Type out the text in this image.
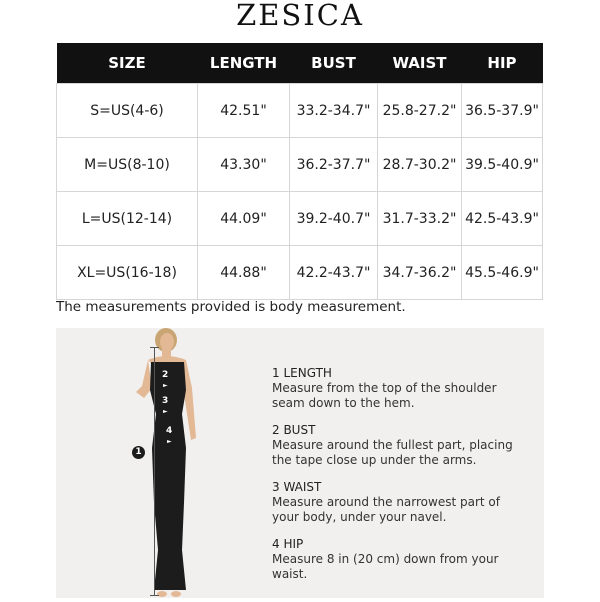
ZESICA
SIZE	LENGTH	BUST	WAIST	HIP
S=US(4-6)	42.51"	33.2-34.7"	25.8-27.2"	36.5-37.9"
M=US(8-10)	43.30"	36.2-37.7"	28.7-30.2"	39.5-40.9"
L=US(12-14)	44.09"	39.2-40.7"	31.7-33.2"	42.5-43.9"
XL=US(16-18)	44.88"	42.2-43.7"	34.7-36.2"	45.5-46.9"
The measurements provided is body measurement.
1
2
►
3
►
4
►
1 LENGTH
Measure from the top of the shoulder
seam down to the hem.
2 BUST
Measure around the fullest part, placing
the tape close up under the arms.
3 WAIST
Measure around the narrowest part of
your body, under your navel.
4 HIP
Measure 8 in (20 cm) down from your waist.
